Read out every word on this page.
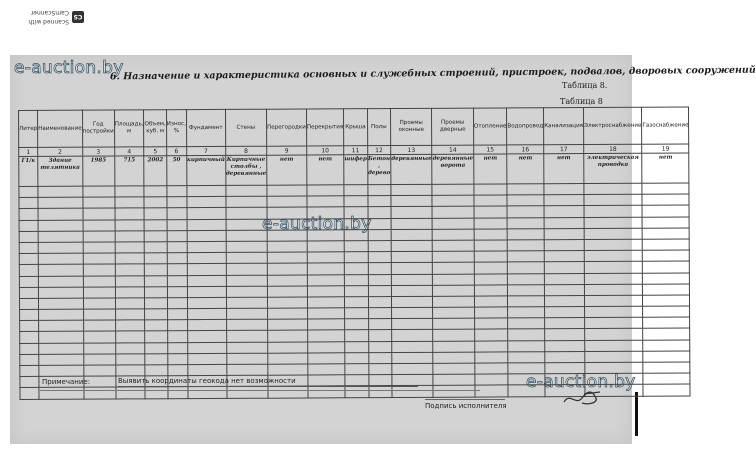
CS
Scanned with
CamScanner
e-auction.by
e-auction.by
e-auction.by
6. Назначение и характеристика основных и служебных строений, пристроек, подвалов, дворовых сооружений
Таблица 8.
Таблица 8
Литер	Наименование	Год постройки	Площадь, м	Объем, куб. м	Износ, %	Фундамент	Стены	Перегородки	Перекрытия	Крыша	Полы	Проемы оконные	Проемы дверные	Отопление	Водопровод	Канализация	Электроснабжение	Газоснабжение
1	2	3	4	5	6	7	8	9	10	11	12	13	14	15	16	17	18	19
Г1/к	Здание телятника	1985	715	2002	50	кирпичный	Кирпичные столбы , деревянные	нет	нет	шифер	Бетон , дерево	деревянные	деревянные ворота	нет	нет	нет	электрическая проводка	нет

Примечание:	Выявить координаты геокода нет возможности
Подпись исполнителя
